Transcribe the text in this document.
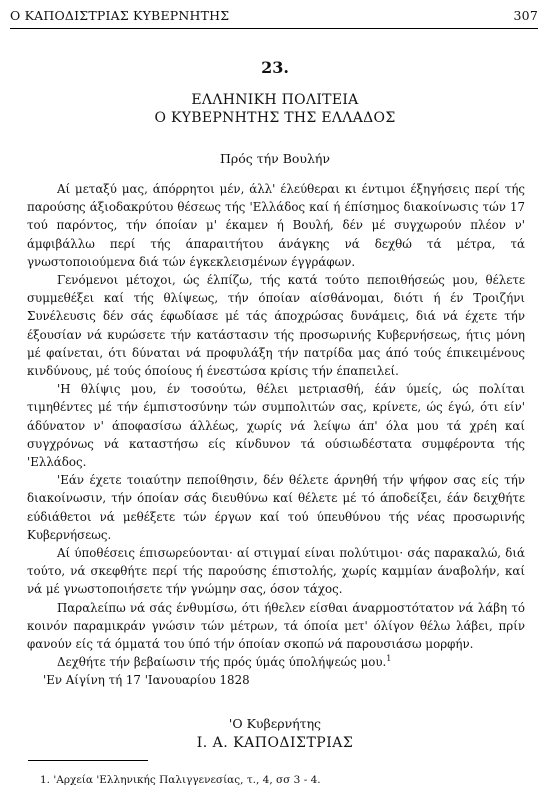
Ο ΚΑΠΟΔΙΣΤΡΙΑΣ ΚΥΒΕΡΝΗΤΗΣ	307
23.
ΕΛΛΗΝΙΚΗ ΠΟΛΙΤΕΙΑ
Ο ΚΥΒΕΡΝΗΤΗΣ ΤΗΣ ΕΛΛΑΔΟΣ
Πρός τήν Βουλήν

Αί μεταξύ μας, άπόρρητοι μέν, άλλ' έλεύθεραι κι έντιμοι έξηγήσεις περί τής παρούσης άξιοδακρύτου θέσεως τής 'Ελλάδος καί ή έπίσημος διακοίνωσις τών 17 τού παρόντος, τήν όποίαν μ' έκαμεν ή Βουλή, δέν μέ συγχωρούν πλέον ν' άμφιβάλλω περί τής άπαραιτήτου άνάγκης νά δεχθώ τά μέτρα, τά γνωστοποιούμενα διά τών έγκεκλεισμένων έγγράφων.

Γενόμενοι μέτοχοι, ώς έλπίζω, τής κατά τούτο πεποιθήσεώς μου, θέλετε συμμεθέξει καί τής θλίψεως, τήν όποίαν αίσθάνομαι, διότι ή έν Τροιζήνι Συνέλευσις δέν σάς έφωδίασε μέ τάς άποχρώσας δυνάμεις, διά νά έχετε τήν έξουσίαν νά κυρώσετε τήν κατάστασιν τής προσωρινής Κυβερνήσεως, ήτις μόνη μέ φαίνεται, ότι δύναται νά προφυλάξη τήν πατρίδα μας άπό τούς έπικειμένους κινδύνους, μέ τούς όποίους ή ένεστώσα κρίσις τήν έπαπειλεί.

'Η θλίψις μου, έν τοσούτω, θέλει μετριασθή, έάν ύμείς, ώς πολίται τιμηθέντες μέ τήν έμπιστοσύνην τών συμπολιτών σας, κρίνετε, ώς έγώ, ότι είν' άδύνατον ν' άποφασίσω άλλέως, χωρίς νά λείψω άπ' όλα μου τά χρέη καί συγχρόνως νά καταστήσω είς κίνδυνον τά ούσιωδέστατα συμφέροντα τής 'Ελλάδος.

'Εάν έχετε τοιαύτην πεποίθησιν, δέν θέλετε άρνηθή τήν ψήφον σας είς τήν διακοίνωσιν, τήν όποίαν σάς διευθύνω καί θέλετε μέ τό άποδείξει, έάν δειχθήτε εύδιάθετοι νά μεθέξετε τών έργων καί τού ύπευθύνου τής νέας προσωρινής Κυβερνήσεως.

Αί ύποθέσεις έπισωρεύονται· αί στιγμαί είναι πολύτιμοι· σάς παρακαλώ, διά τούτο, νά σκεφθήτε περί τής παρούσης έπιστολής, χωρίς καμμίαν άναβολήν, καί νά μέ γνωστοποιήσετε τήν γνώμην σας, όσον τάχος.

Παραλείπω νά σάς ένθυμίσω, ότι ήθελεν είσθαι άναρμοστότατον νά λάβη τό κοινόν παραμικράν γνώσιν τών μέτρων, τά όποία μετ' όλίγον θέλω λάβει, πρίν φανούν είς τά όμματά του ύπό τήν όποίαν σκοπώ νά παρουσιάσω μορφήν.

Δεχθήτε τήν βεβαίωσιν τής πρός ύμάς ύπολήψεώς μου.$^1$

'Εν Αίγίνη τή 17 'Ιανουαρίου 1828

'Ο Κυβερνήτης
Ι. Α. ΚΑΠΟΔΙΣΤΡΙΑΣ
1. 'Αρχεία 'Ελληνικής Παλιγγενεσίας, τ., 4, σσ 3 - 4.
